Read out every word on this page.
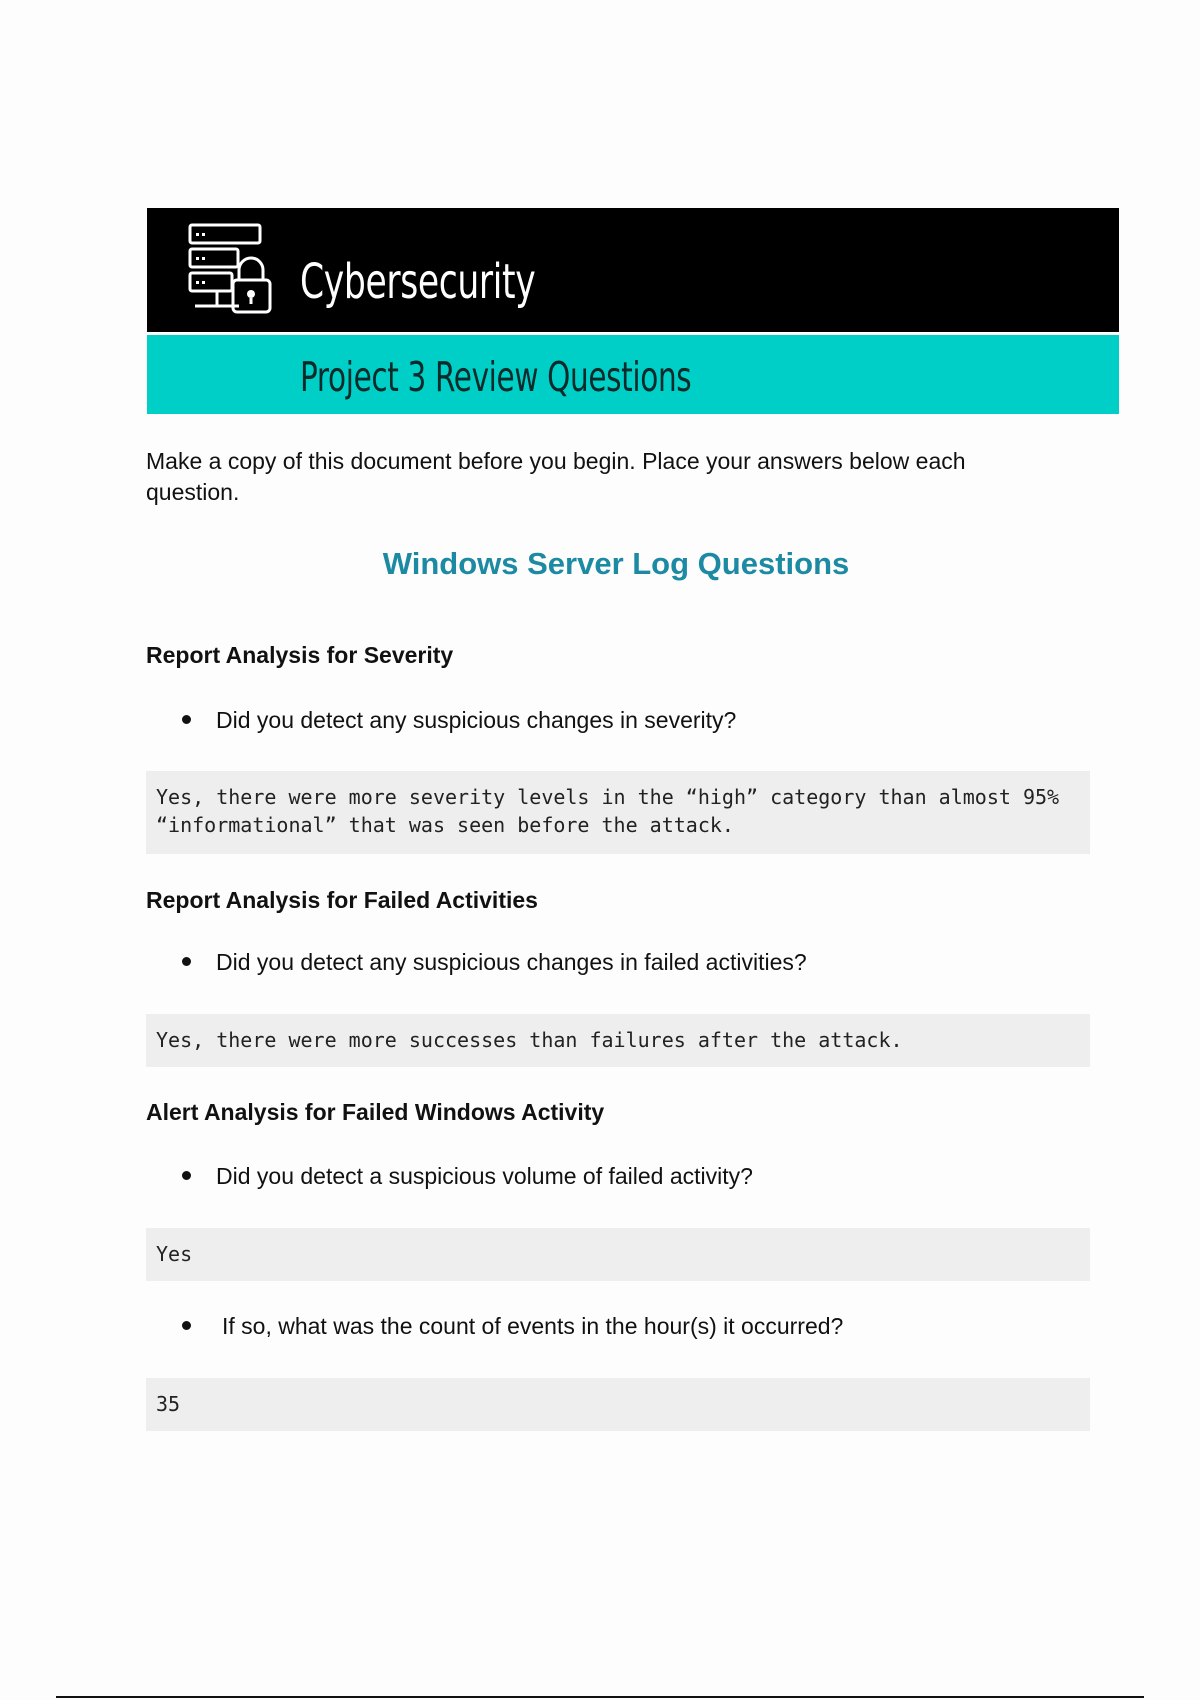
Cybersecurity
Project 3 Review Questions
Make a copy of this document before you begin. Place your answers below each question.
Windows Server Log Questions
Report Analysis for Severity
Did you detect any suspicious changes in severity?
Yes, there were more severity levels in the “high” category than almost 95% “informational” that was seen before the attack.
Report Analysis for Failed Activities
Did you detect any suspicious changes in failed activities?
Yes, there were more successes than failures after the attack.
Alert Analysis for Failed Windows Activity
Did you detect a suspicious volume of failed activity?
Yes
If so, what was the count of events in the hour(s) it occurred?
35
